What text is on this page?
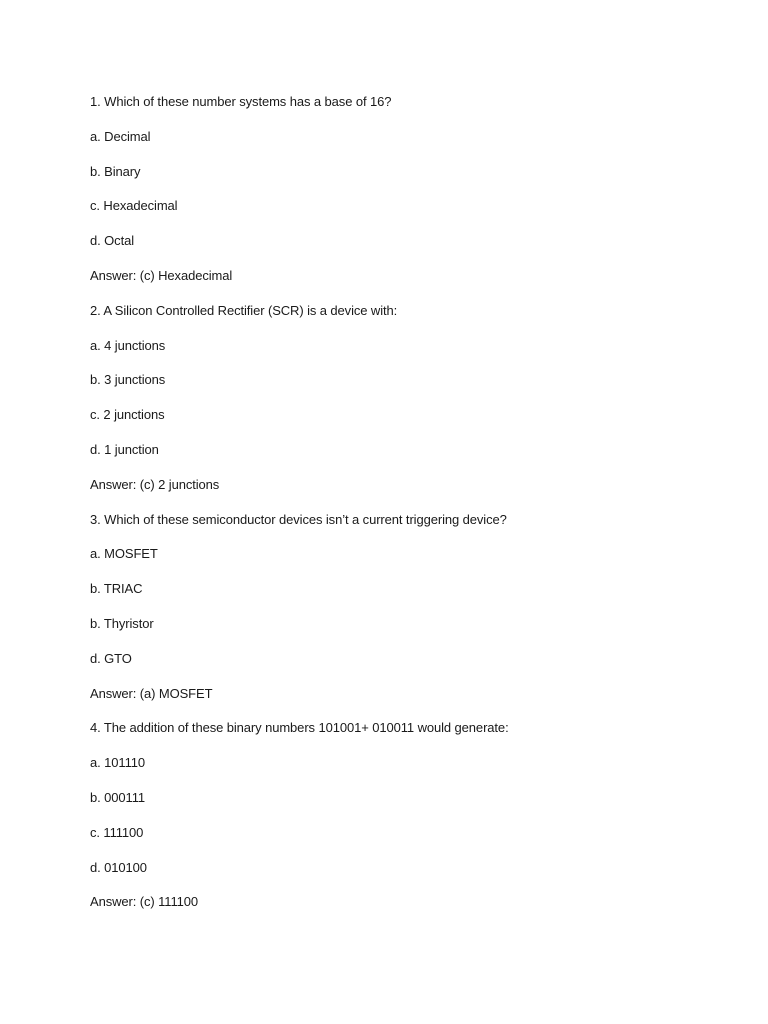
1. Which of these number systems has a base of 16?
a. Decimal
b. Binary
c. Hexadecimal
d. Octal
Answer: (c) Hexadecimal
2. A Silicon Controlled Rectifier (SCR) is a device with:
a. 4 junctions
b. 3 junctions
c. 2 junctions
d. 1 junction
Answer: (c) 2 junctions
3. Which of these semiconductor devices isn’t a current triggering device?
a. MOSFET
b. TRIAC
b. Thyristor
d. GTO
Answer: (a) MOSFET
4. The addition of these binary numbers 101001+ 010011 would generate:
a. 101110
b. 000111
c. 111100
d. 010100
Answer: (c) 111100
